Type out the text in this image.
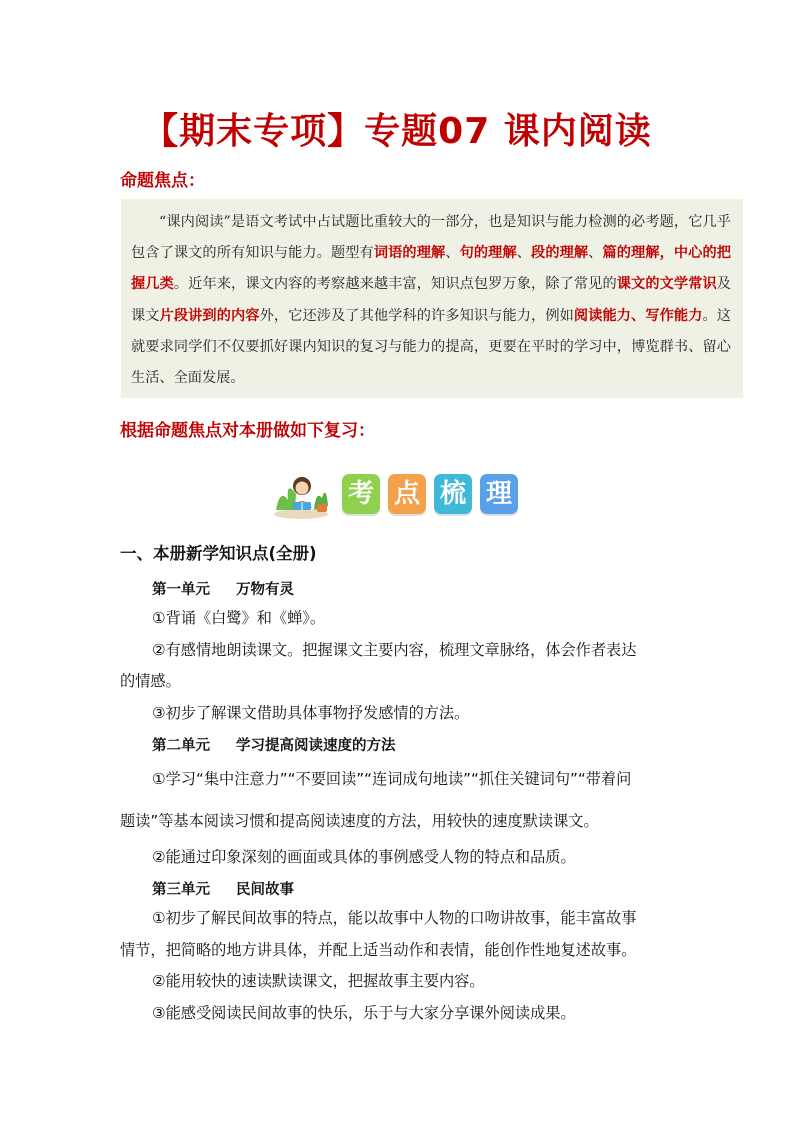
【期末专项】专题07 课内阅读
命题焦点：
“课内阅读”是语文考试中占试题比重较大的一部分，也是知识与能力检测的必考题，它几乎包含了课文的所有知识与能力。题型有词语的理解、句的理解、段的理解、篇的理解，中心的把握几类。近年来，课文内容的考察越来越丰富，知识点包罗万象，除了常见的课文的文学常识及课文片段讲到的内容外，它还涉及了其他学科的许多知识与能力，例如阅读能力、写作能力。这就要求同学们不仅要抓好课内知识的复习与能力的提高，更要在平时的学习中，博览群书、留心生活、全面发展。
根据命题焦点对本册做如下复习：
考 点 梳 理
一、本册新学知识点(全册)
第一单元 万物有灵
①背诵《白鹭》和《蝉》。
②有感情地朗读课文。把握课文主要内容，梳理文章脉络，体会作者表达
的情感。
③初步了解课文借助具体事物抒发感情的方法。
第二单元 学习提高阅读速度的方法
①学习“集中注意力”“不要回读”“连词成句地读”“抓住关键词句”“带着问
题读”等基本阅读习惯和提高阅读速度的方法，用较快的速度默读课文。
②能通过印象深刻的画面或具体的事例感受人物的特点和品质。
第三单元 民间故事
①初步了解民间故事的特点，能以故事中人物的口吻讲故事，能丰富故事
情节，把简略的地方讲具体，并配上适当动作和表情，能创作性地复述故事。
②能用较快的速读默读课文，把握故事主要内容。
③能感受阅读民间故事的快乐，乐于与大家分享课外阅读成果。
